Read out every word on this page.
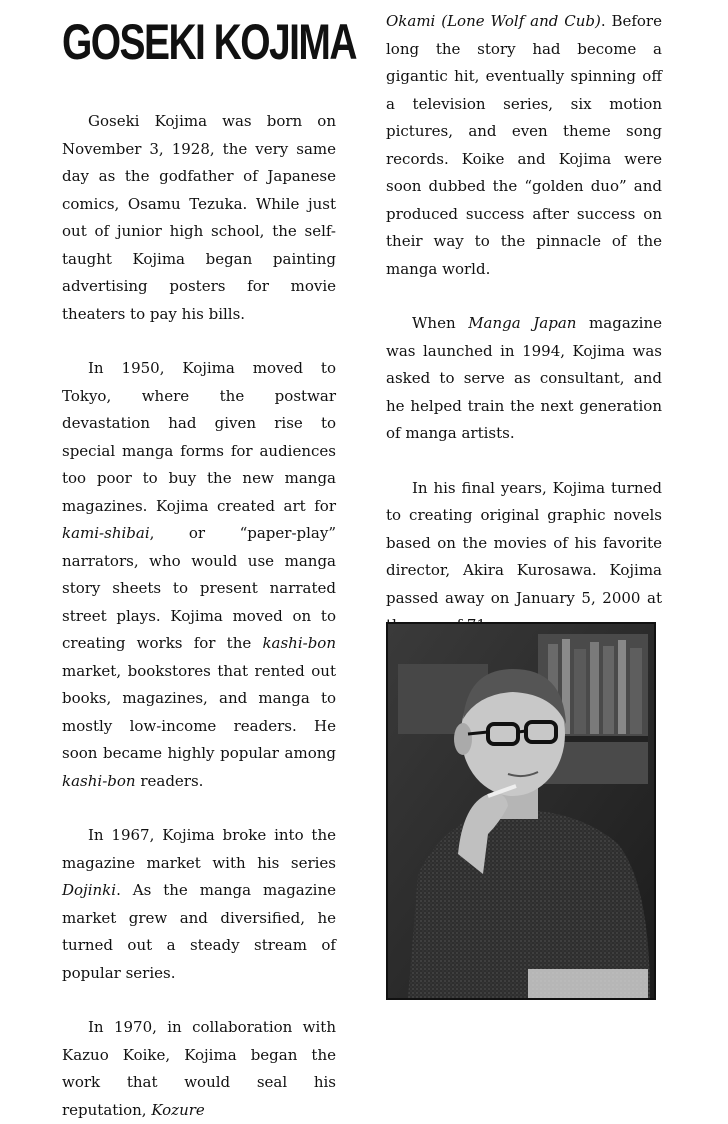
GOSEKI KOJIMA

Goseki Kojima was born on November 3, 1928, the very same day as the godfather of Japanese comics, Osamu Tezuka. While just out of junior high school, the self-taught Kojima began painting advertising posters for movie theaters to pay his bills.

In 1950, Kojima moved to Tokyo, where the postwar devastation had given rise to special manga forms for audiences too poor to buy the new manga magazines. Kojima created art for kami-shibai, or “paper-play” narrators, who would use manga story sheets to present narrated street plays. Kojima moved on to creating works for the kashi-bon market, bookstores that rented out books, magazines, and manga to mostly low-income readers. He soon became highly popular among kashi-bon readers.

In 1967, Kojima broke into the magazine market with his series Dojinki. As the manga magazine market grew and diversified, he turned out a steady stream of popular series.

In 1970, in collaboration with Kazuo Koike, Kojima began the work that would seal his reputation, Kozure

Okami (Lone Wolf and Cub). Before long the story had become a gigantic hit, eventually spinning off a television series, six motion pictures, and even theme song records. Koike and Kojima were soon dubbed the “golden duo” and produced success after success on their way to the pinnacle of the manga world.

When Manga Japan magazine was launched in 1994, Kojima was asked to serve as consultant, and he helped train the next generation of manga artists.

In his final years, Kojima turned to creating original graphic novels based on the movies of his favorite director, Akira Kurosawa. Kojima passed away on January 5, 2000 at
